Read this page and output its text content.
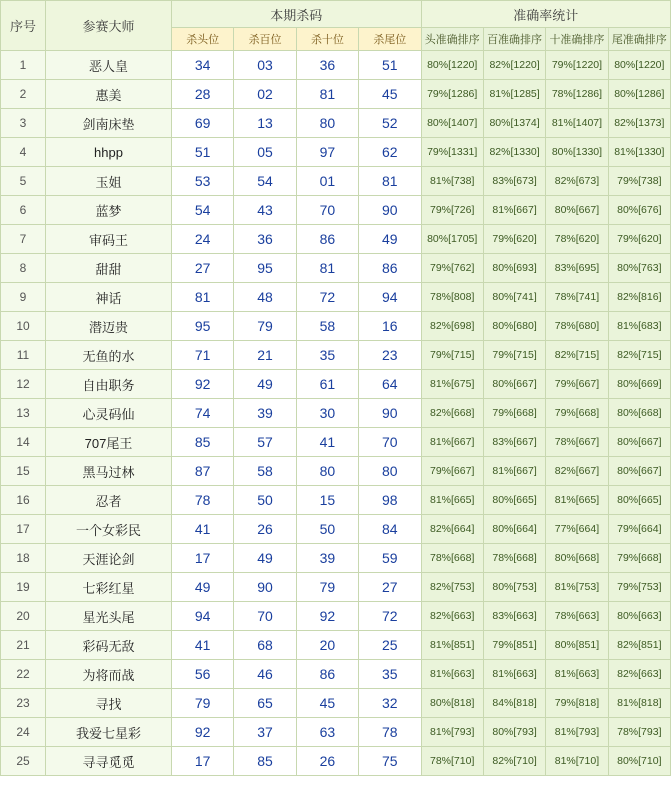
序号	参赛大师	本期杀码				准确率统计			
		杀头位	杀百位	杀十位	杀尾位	头准确排序	百准确排序	十准确排序	尾准确排序
1	恶人皇	34	03	36	51	80%[1220]	82%[1220]	79%[1220]	80%[1220]
2	惠美	28	02	81	45	79%[1286]	81%[1285]	78%[1286]	80%[1286]
3	剑南床垫	69	13	80	52	80%[1407]	80%[1374]	81%[1407]	82%[1373]
4	hhpp	51	05	97	62	79%[1331]	82%[1330]	80%[1330]	81%[1330]
5	玉姐	53	54	01	81	81%[738]	83%[673]	82%[673]	79%[738]
6	蓝梦	54	43	70	90	79%[726]	81%[667]	80%[667]	80%[676]
7	审码王	24	36	86	49	80%[1705]	79%[620]	78%[620]	79%[620]
8	甜甜	27	95	81	86	79%[762]	80%[693]	83%[695]	80%[763]
9	神话	81	48	72	94	78%[808]	80%[741]	78%[741]	82%[816]
10	潜迈贵	95	79	58	16	82%[698]	80%[680]	78%[680]	81%[683]
11	无鱼的水	71	21	35	23	79%[715]	79%[715]	82%[715]	82%[715]
12	自由职务	92	49	61	64	81%[675]	80%[667]	79%[667]	80%[669]
13	心灵码仙	74	39	30	90	82%[668]	79%[668]	79%[668]	80%[668]
14	707尾王	85	57	41	70	81%[667]	83%[667]	78%[667]	80%[667]
15	黑马过林	87	58	80	80	79%[667]	81%[667]	82%[667]	80%[667]
16	忍者	78	50	15	98	81%[665]	80%[665]	81%[665]	80%[665]
17	一个女彩民	41	26	50	84	82%[664]	80%[664]	77%[664]	79%[664]
18	天涯论剑	17	49	39	59	78%[668]	78%[668]	80%[668]	79%[668]
19	七彩红星	49	90	79	27	82%[753]	80%[753]	81%[753]	79%[753]
20	星光头尾	94	70	92	72	82%[663]	83%[663]	78%[663]	80%[663]
21	彩码无敌	41	68	20	25	81%[851]	79%[851]	80%[851]	82%[851]
22	为将而战	56	46	86	35	81%[663]	81%[663]	81%[663]	82%[663]
23	寻找	79	65	45	32	80%[818]	84%[818]	79%[818]	81%[818]
24	我爱七星彩	92	37	63	78	81%[793]	80%[793]	81%[793]	78%[793]
25	寻寻觅觅	17	85	26	75	78%[710]	82%[710]	81%[710]	80%[710]
